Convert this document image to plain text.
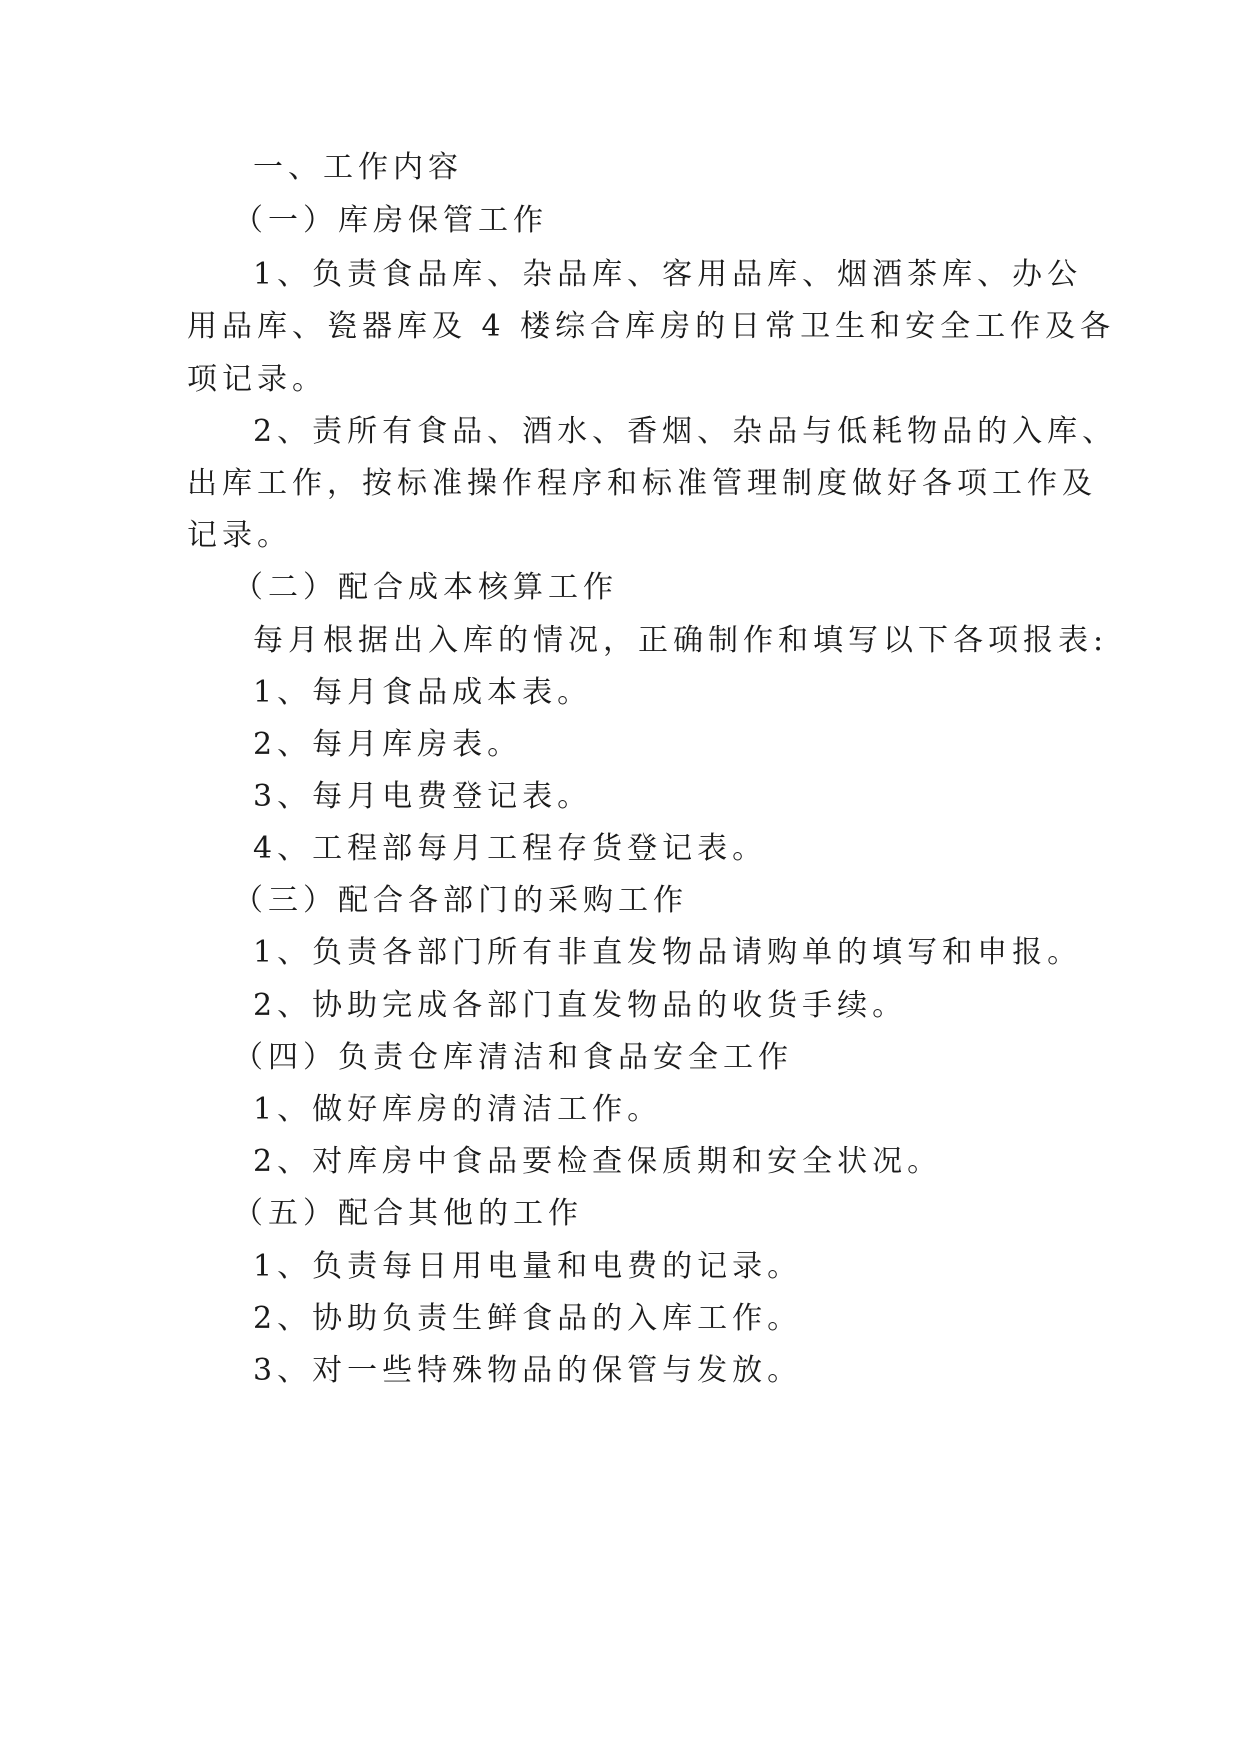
一、工作内容
（一）库房保管工作
1、负责食品库、杂品库、客用品库、烟酒茶库、办公
用品库、瓷器库及 4 楼综合库房的日常卫生和安全工作及各
项记录。
2、责所有食品、酒水、香烟、杂品与低耗物品的入库、
出库工作，按标准操作程序和标准管理制度做好各项工作及
记录。
（二）配合成本核算工作
每月根据出入库的情况，正确制作和填写以下各项报表:
1、每月食品成本表。
2、每月库房表。
3、每月电费登记表。
4、工程部每月工程存货登记表。
（三）配合各部门的采购工作
1、负责各部门所有非直发物品请购单的填写和申报。
2、协助完成各部门直发物品的收货手续。
（四）负责仓库清洁和食品安全工作
1、做好库房的清洁工作。
2、对库房中食品要检查保质期和安全状况。
（五）配合其他的工作
1、负责每日用电量和电费的记录。
2、协助负责生鲜食品的入库工作。
3、对一些特殊物品的保管与发放。
